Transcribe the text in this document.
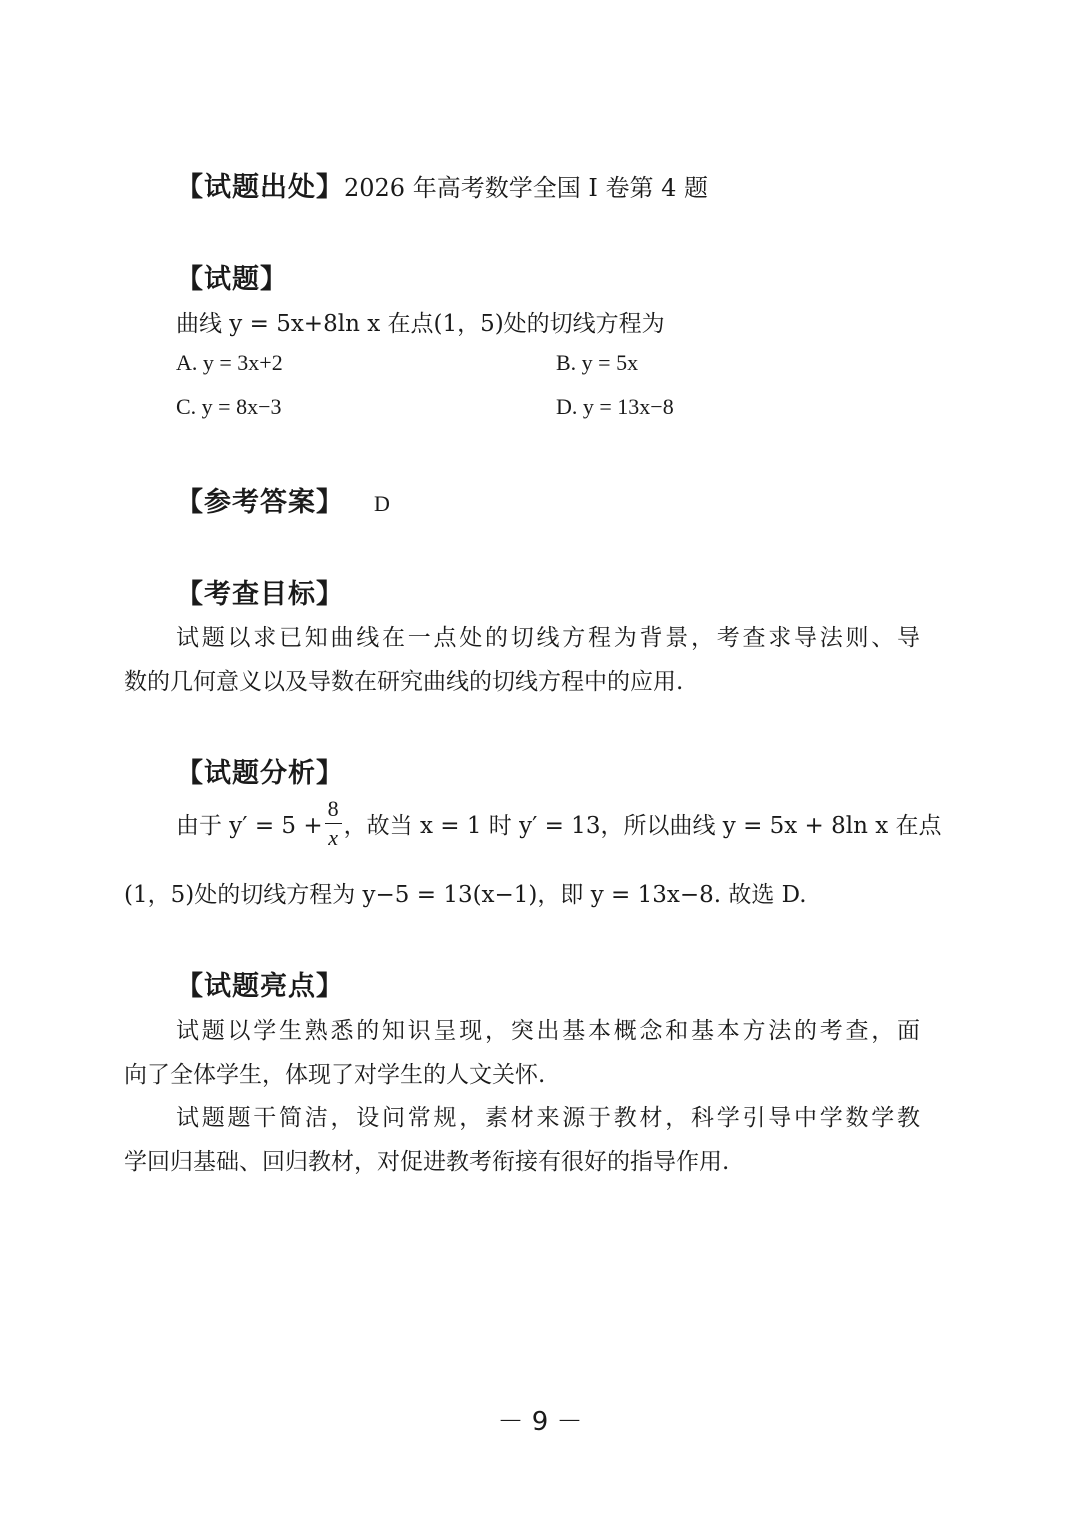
【试题出处】2026 年高考数学全国 Ⅰ 卷第 4 题
【试题】
曲线 y = 5x+8ln x 在点(1，5)处的切线方程为
A. y = 3x+2	B. y = 5x
C. y = 8x−3	D. y = 13x−8
【参考答案】 D
【考查目标】
试题以求已知曲线在一点处的切线方程为背景，考查求导法则、导
数的几何意义以及导数在研究曲线的切线方程中的应用.
【试题分析】
由于 $y' = 5 + \frac{8}{x}$ ，故当 x = 1 时 y′ = 13，所以曲线 y = 5x + 8ln x 在点
(1，5)处的切线方程为 y−5 = 13(x−1)，即 y = 13x−8. 故选 D.
【试题亮点】
试题以学生熟悉的知识呈现，突出基本概念和基本方法的考查，面
向了全体学生，体现了对学生的人文关怀.
试题题干简洁，设问常规，素材来源于教材，科学引导中学数学教
学回归基础、回归教材，对促进教考衔接有很好的指导作用.
－ 9 －
